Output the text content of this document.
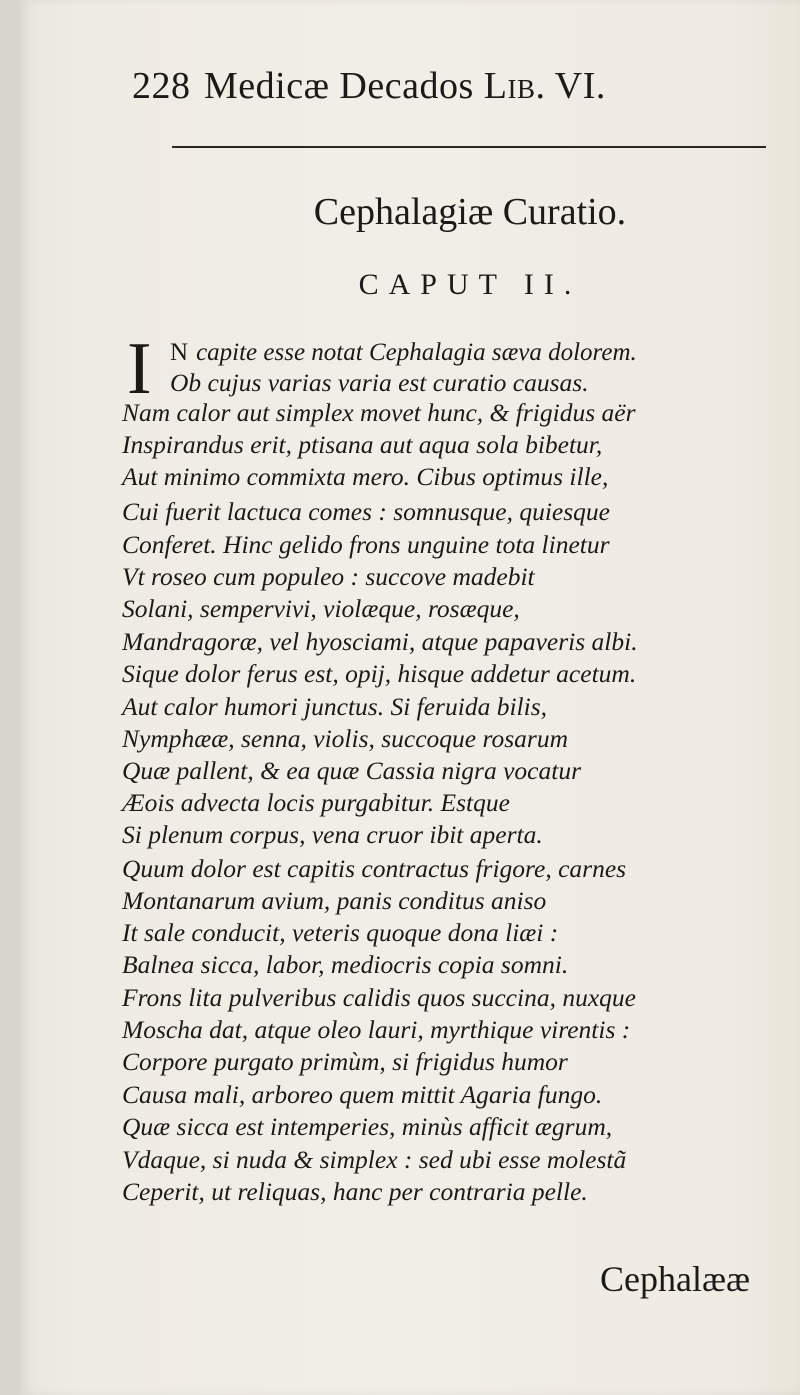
228 Medicæ Decados Lib. VI.
Cephalagiæ Curatio.
CAPUT II.
I N capite esse notat Cephalagia sæva dolorem.
Ob cujus varias varia est curatio causas.
Nam calor aut simplex movet hunc, & frigidus aër
Inspirandus erit, ptisana aut aqua sola bibetur,
Aut minimo commixta mero. Cibus optimus ille,
Cui fuerit lactuca comes : somnusque, quiesque
Conferet. Hinc gelido frons unguine tota linetur
Vt roseo cum populeo : succove madebit
Solani, sempervivi, violæque, rosæque,
Mandragoræ, vel hyosciami, atque papaveris albi.
Sique dolor ferus est, opij, hisque addetur acetum.
Aut calor humori junctus. Si feruida bilis,
Nymphææ, senna, violis, succoque rosarum
Quæ pallent, & ea quæ Cassia nigra vocatur
Æois advecta locis purgabitur. Estque
Si plenum corpus, vena cruor ibit aperta.
Quum dolor est capitis contractus frigore, carnes
Montanarum avium, panis conditus aniso
It sale conducit, veteris quoque dona liæi :
Balnea sicca, labor, mediocris copia somni.
Frons lita pulveribus calidis quos succina, nuxque
Moscha dat, atque oleo lauri, myrthique virentis :
Corpore purgato primùm, si frigidus humor
Causa mali, arboreo quem mittit Agaria fungo.
Quæ sicca est intemperies, minùs afficit ægrum,
Vdaque, si nuda & simplex : sed ubi esse molestã
Ceperit, ut reliquas, hanc per contraria pelle.
Cephalææ
